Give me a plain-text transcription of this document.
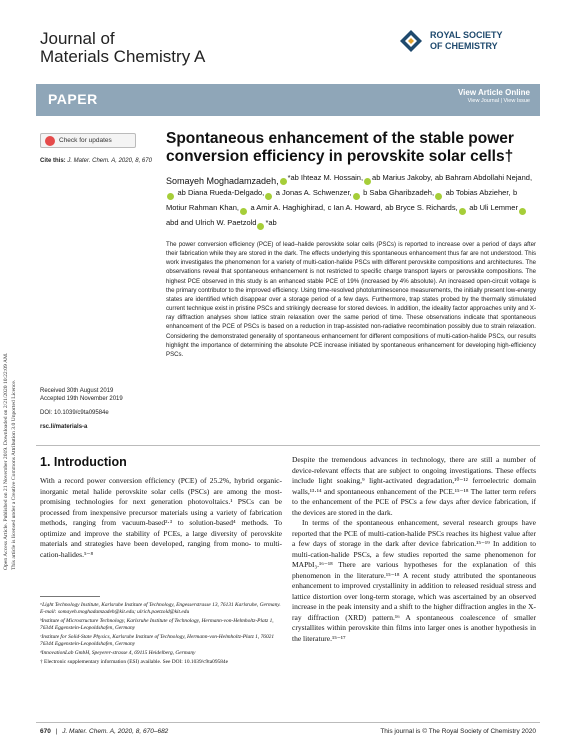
Journal of
Materials Chemistry A
ROYAL SOCIETY
OF CHEMISTRY
PAPER	View Article Online
View Journal | View Issue
Open Access Article. Published on 21 November 2019. Downloaded on 2/21/2020 10:22:09 AM. This article is licensed under a Creative Commons Attribution 3.0 Unported Licence.
Check for updates
Cite this: J. Mater. Chem. A, 2020, 8, 670
Spontaneous enhancement of the stable power conversion efficiency in perovskite solar cells†
Somayeh Moghadamzadeh, $^{*ab Ihteaz M. Hossain,}$ $^{ab Marius Jakoby,}$ $^{ab Bahram Abdollahi Nejand,}$ $^{ab Diana Rueda-Delgado,}$ $^{a Jonas A. Schwenzer,}$ $^{b Saba Gharibzadeh,}$ $^{ab Tobias Abzieher,}$ $^{b Motiur Rahman Khan,}$ $^{a Amir A. Haghighirad,}$ $^{c Ian A. Howard,}$ $^{ab Bryce S. Richards,}$ $^{ab Uli Lemmer}$ $^{abd and Ulrich W. Paetzold}$ $^{*ab}$

The power conversion efficiency (PCE) of lead–halide perovskite solar cells (PSCs) is reported to increase over a period of days after their fabrication while they are stored in the dark. The effects underlying this spontaneous enhancement thus far are not understood. This work investigates the phenomenon for a variety of multi-cation-halide PSCs with different perovskite compositions and architectures. The observations reveal that spontaneous enhancement is not restricted to specific charge transport layers or perovskite compositions. The highest PCE observed in this study is an enhanced stable PCE of 19% (increased by 4% absolute). An increased open-circuit voltage is the primary contributor to the improved efficiency. Using time-resolved photoluminescence measurements, the initially present low-energy states are identified which disappear over a storage period of a few days. Furthermore, trap states probed by the thermally stimulated current technique exist in pristine PSCs and strikingly decrease for stored devices. In addition, the ideality factor approaches unity and X-ray diffraction analyses show lattice strain relaxation over the same period of time. These observations indicate that spontaneous enhancement of the PCE of PSCs is based on a reduction in trap-assisted non-radiative recombination possibly due to strain relaxation. Considering the demonstrated generality of spontaneous enhancement for different compositions of multi-cation-halide PSCs, our results highlight the importance of determining the absolute PCE increase initiated by spontaneous enhancement for developing high-efficiency PSCs.

Received 30th August 2019

Accepted 19th November 2019

DOI: 10.1039/c9ta09584e

rsc.li/materials-a

1. Introduction

With a record power conversion efficiency (PCE) of 25.2%, hybrid organic-inorganic metal halide perovskite solar cells (PSCs) are among the most-promising technologies for next generation photovoltaics.¹ PSCs can be processed from inexpensive precursor materials using a variety of fabrication methods, ranging from vacuum-based²·³ to solution-based⁴ methods. To optimize and improve the stability of PCEs, a large diversity of perovskite materials and strategies have been developed, ranging from mono- to multi-cation-halides.⁵⁻⁸

Despite the tremendous advances in technology, there are still a number of device-relevant effects that are subject to ongoing investigations. These effects include light soaking,⁹ light-activated degradation,¹⁰⁻¹² ferroelectric domain walls,¹³·¹⁴ and spontaneous enhancement of the PCE.¹⁵⁻¹⁸ The latter term refers to the enhancement of the PCE of PSCs a few days after device fabrication, if the devices are stored in the dark.

In terms of the spontaneous enhancement, several research groups have reported that the PCE of multi-cation-halide PSCs reaches its highest value after a few days of storage in the dark after device fabrication.¹⁵⁻¹⁹ In addition to multi-cation-halide PSCs, a few studies reported the same phenomenon for MAPbI₃.¹⁶⁻¹⁸ There are various hypotheses for the explanation of this phenomenon in the literature.¹⁵⁻¹⁸ A recent study attributed the spontaneous enhancement to improved crystallinity in addition to released residual stress and lattice distortion over long-term storage, which was ascertained by an observed increase in the peak intensity and a shift to the higher diffraction angles in the X-ray diffraction (XRD) pattern.¹⁶ A spontaneous coalescence of smaller crystallites within perovskite thin films into larger ones is another hypothesis in the literature.¹⁵⁻¹⁷

ᵃLight Technology Institute, Karlsruhe Institute of Technology, Engesserstrasse 13, 76131 Karlsruhe, Germany. E-mail: somayeh.moghadamzadeh@kit.edu; ulrich.paetzold@kit.edu

ᵇInstitute of Microstructure Technology, Karlsruhe Institute of Technology, Hermann-von-Helmholtz-Platz 1, 76344 Eggenstein-Leopoldshafen, Germany

ᶜInstitute for Solid-State Physics, Karlsruhe Institute of Technology, Hermann-von-Helmholtz-Platz 1, 76021 76344 Eggenstein-Leopoldshafen, Germany

ᵈInnovationLab GmbH, Speyerer-strasse 4, 69115 Heidelberg, Germany

† Electronic supplementary information (ESI) available. See DOI: 10.1039/c9ta09584e

670 | J. Mater. Chem. A, 2020, 8, 670–682	This journal is © The Royal Society of Chemistry 2020
